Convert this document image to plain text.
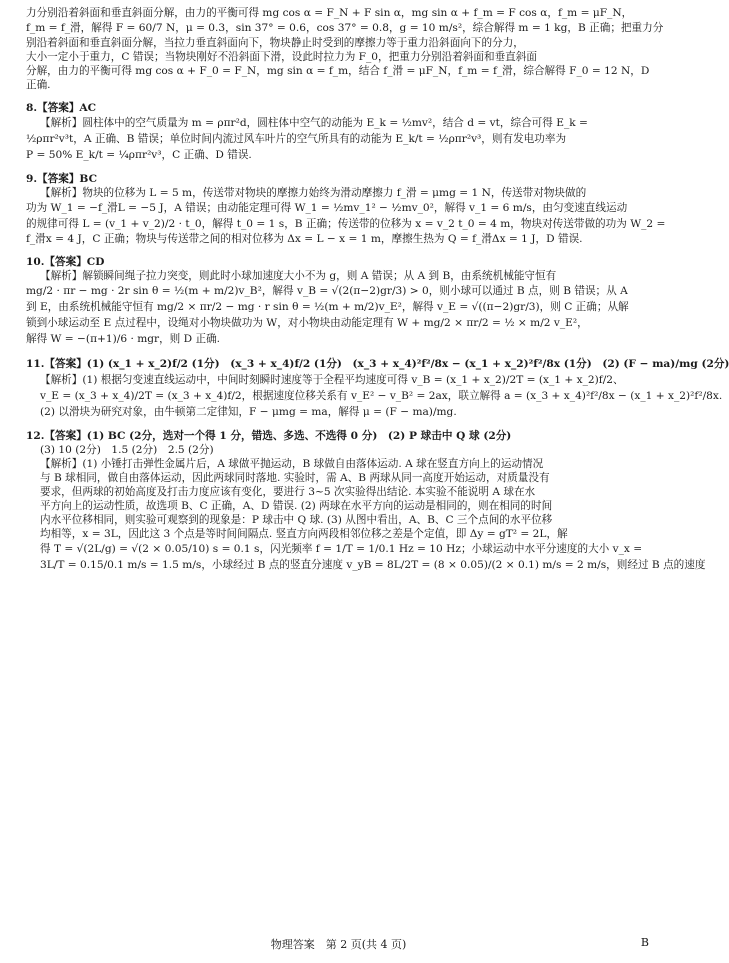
力分别沿着斜面和垂直斜面分解，由力的平衡可得 mg cos α = F_N + F sin α，mg sin α + f_m = F cos α，f_m = μF_N，

f_m = f_滑，解得 F = 60/7 N，μ = 0.3，sin 37° = 0.6，cos 37° = 0.8，g = 10 m/s²，综合解得 m = 1 kg，B 正确；把重力分

别沿着斜面和垂直斜面分解，当拉力垂直斜面向下，物块静止时受到的摩擦力等于重力沿斜面向下的分力，

大小一定小于重力，C 错误；当物块刚好不沿斜面下滑，设此时拉力为 F_0，把重力分别沿着斜面和垂直斜面

分解，由力的平衡可得 mg cos α + F_0 = F_N，mg sin α = f_m，结合 f_滑 = μF_N，f_m = f_滑，综合解得 F_0 = 12 N，D

正确.

8.【答案】AC

【解析】圆柱体中的空气质量为 m = ρπr²d，圆柱体中空气的动能为 E_k = ½mv²，结合 d = vt，综合可得 E_k =

½ρπr²v³t，A 正确、B 错误；单位时间内流过风车叶片的空气所具有的动能为 E_k/t = ½ρπr²v³，则有发电功率为

P = 50% E_k/t = ¼ρπr²v³，C 正确、D 错误.

9.【答案】BC

【解析】物块的位移为 L = 5 m，传送带对物块的摩擦力始终为滑动摩擦力 f_滑 = μmg = 1 N，传送带对物块做的

功为 W_1 = −f_滑L = −5 J，A 错误；由动能定理可得 W_1 = ½mv_1² − ½mv_0²，解得 v_1 = 6 m/s，由匀变速直线运动

的规律可得 L = (v_1 + v_2)/2 · t_0，解得 t_0 = 1 s，B 正确；传送带的位移为 x = v_2 t_0 = 4 m，物块对传送带做的功为 W_2 =

f_滑x = 4 J，C 正确；物块与传送带之间的相对位移为 Δx = L − x = 1 m，摩擦生热为 Q = f_滑Δx = 1 J，D 错误.

10.【答案】CD

【解析】解锁瞬间绳子拉力突变，则此时小球加速度大小不为 g，则 A 错误；从 A 到 B，由系统机械能守恒有

mg/2 · πr − mg · 2r sin θ = ½(m + m/2)v_B²，解得 v_B = √(2(π−2)gr/3) > 0，则小球可以通过 B 点，则 B 错误；从 A

到 E，由系统机械能守恒有 mg/2 × πr/2 − mg · r sin θ = ½(m + m/2)v_E²，解得 v_E = √((π−2)gr/3)，则 C 正确；从解

锁到小球运动至 E 点过程中，设绳对小物块做功为 W，对小物块由动能定理有 W + mg/2 × πr/2 = ½ × m/2 v_E²，

解得 W = −(π+1)/6 · mgr，则 D 正确.

11.【答案】(1) (x_1 + x_2)f/2 (1分)　(x_3 + x_4)f/2 (1分)　(x_3 + x_4)²f²/8x − (x_1 + x_2)²f²/8x (1分)　(2) (F − ma)/mg (2分)

【解析】(1) 根据匀变速直线运动中，中间时刻瞬时速度等于全程平均速度可得 v_B = (x_1 + x_2)/2T = (x_1 + x_2)f/2、

v_E = (x_3 + x_4)/2T = (x_3 + x_4)f/2，根据速度位移关系有 v_E² − v_B² = 2ax，联立解得 a = (x_3 + x_4)²f²/8x − (x_1 + x_2)²f²/8x.

(2) 以滑块为研究对象，由牛顿第二定律知，F − μmg = ma，解得 μ = (F − ma)/mg.

12.【答案】(1) BC (2分，选对一个得 1 分，错选、多选、不选得 0 分)　(2) P 球击中 Q 球 (2分)

(3) 10 (2分)　1.5 (2分)　2.5 (2分)

【解析】(1) 小锤打击弹性金属片后，A 球做平抛运动，B 球做自由落体运动. A 球在竖直方向上的运动情况

与 B 球相同，做自由落体运动，因此两球同时落地. 实验时，需 A、B 两球从同一高度开始运动，对质量没有

要求，但两球的初始高度及打击力度应该有变化，要进行 3~5 次实验得出结论. 本实验不能说明 A 球在水

平方向上的运动性质，故选项 B、C 正确，A、D 错误. (2) 两球在水平方向的运动是相同的，则在相同的时间

内水平位移相同，则实验可观察到的现象是：P 球击中 Q 球. (3) 从图中看出，A、B、C 三个点间的水平位移

均相等，x = 3L，因此这 3 个点是等时间间隔点. 竖直方向两段相邻位移之差是个定值，即 Δy = gT² = 2L，解

得 T = √(2L/g) = √(2 × 0.05/10) s = 0.1 s，闪光频率 f = 1/T = 1/0.1 Hz = 10 Hz；小球运动中水平分速度的大小 v_x =

3L/T = 0.15/0.1 m/s = 1.5 m/s，小球经过 B 点的竖直分速度 v_yB = 8L/2T = (8 × 0.05)/(2 × 0.1) m/s = 2 m/s，则经过 B 点的速度

物理答案　第 2 页(共 4 页)	B
